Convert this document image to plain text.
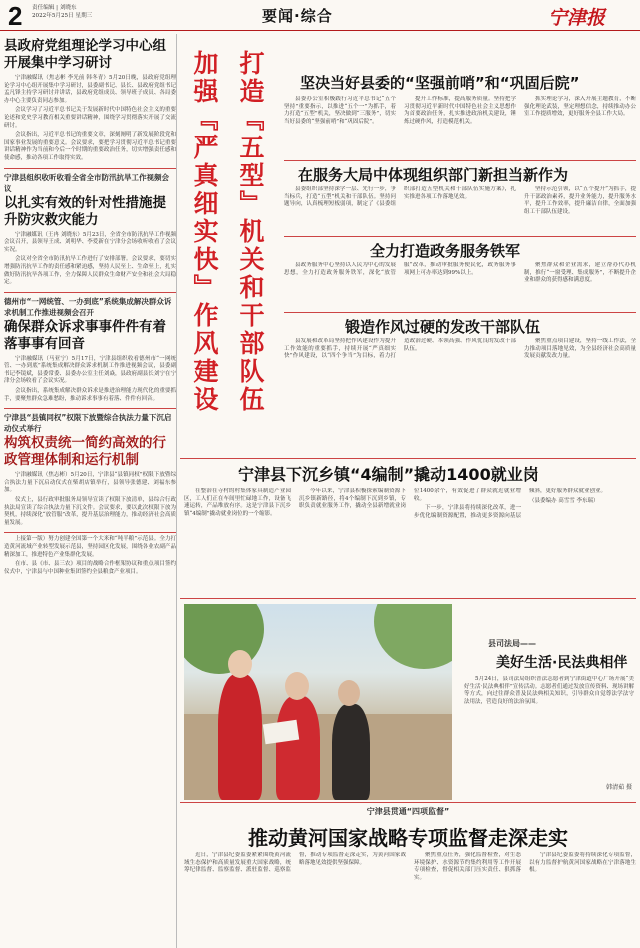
2 责任编辑 | 刘晓东
2022年5月25日 星期三	要闻·综合	宁津报
县政府党组理论学习中心组开展集中学习研讨

宁津融媒讯（焦志彬 李光前 韩冬青）5月20日晚，县政府党组理论学习中心组开展集中学习研讨，县委副书记、县长、县政府党组书记孟凡锋主持学习研讨并讲话，县政府党组成员、领导班子成员、各局委办中心主要负责同志参加。

会议学习了习近平总书记关于发展新时代中国特色社会主义的重要论述和党史学习教育相关重要讲话精神，围绕学习贯彻落实开展了交流研讨。

会议指出，习近平总书记的重要文章，深刻阐明了新发展阶段党和国家事业发展的重要意义。会议要求，要把学习贯彻习近平总书记重要讲话精神作为当前和今后一个时期的重要政治任务，切实增强责任感和使命感，推动各项工作取得实效。

宁津县组织收听收看全省全市防汛抗旱工作视频会议
以扎实有效的针对性措施提升防灾救灾能力

宁津融媒讯（王冉 刘晓东）5月23日，全省全市防汛抗旱工作视频会议召开，县领导王成、刘明华、李爱新在宁津分会场收听收看了会议实况。

会议对全省全市防汛抗旱工作进行了安排部署。会议要求，要切实增强防汛抗旱工作的责任感和紧迫感，坚持人民至上、生命至上，扎实做好防汛抗旱各项工作，全力保障人民群众生命财产安全和社会大局稳定。

德州市“一网统管、一办到底”系统集成解决群众诉求机制工作推进视频会召开
确保群众诉求事事件件有着落事事有回音

宁津融媒讯（马亚宁）5月17日，宁津县组织收看德州市“一网统管、一办到底”系统集成解决群众诉求机制工作推进视频会议，县委副书记李镜斌，县委常委、县委办公室主任刘焱，县政府副县长刘宁在宁津分会场收看了会议实况。

会议指出，系统集成解决群众诉求是推进治理能力现代化的重要抓手，要聚焦群众急难愁盼，推动诉求事事有着落、件件有回音。

宁津县“县镇同权”权限下放暨综合执法力量下沉启动仪式举行
构筑权责统一简约高效的行政管理体制和运行机制

宁津融媒讯（焦志彬）5月20日，宁津县“县镇同权”权限下放暨综合执法力量下沉启动仪式在柴胡店镇举行，县领导张德建、刘福东参加。

仪式上，县行政审批服务局领导宣读了权限下放清单，县综合行政执法局宣读了综合执法力量下沉文件。会议要求，要以此次权限下放为契机，持续深化“放管服”改革，提升基层治理能力，推动经济社会高质量发展。

上接第一版）努力创建全国第一个大米和“吨半粮”示范县。全力打造黄河流域产业转型发展示范县，坚持园区化发展，围绕各业农副产品精深加工，推进特色产业集群化发展。

在市、县《市、县三农》项目的战略合作框架协议和重点项目签约仪式中，宁津县与中国种业集团签约全县粮食产业项目。

打造『五型』机关和干部队伍
加强『严真细实快』作风建设	坚决当好县委的“坚强前哨”和“巩固后院”

县委办公室积极践行习近平总书记“五个坚持”重要指示，以推进“五个一”为抓手，着力打造“五型”机关，坚决做到“三服务”，切实当好县委的“坚强前哨”和“巩固后院”。

提升工作标准，提高服务质量。坚持把学习贯彻习近平新时代中国特色社会主义思想作为首要政治任务，扎实推进政治机关建设，锤炼过硬作风，打造模范机关。

抓实理论学习，深入开展主题教育，不断强化理论武装，坚定理想信念，持续推动办公室工作提质增效，更好服务全县工作大局。

在服务大局中体现组织部门新担当新作为

县委组织部坚持深学一层、先行一步，争当标兵，打造“五型”机关和干部队伍。坚持问题导向，认真梳理短板弱项，制定了《县委组织部打造五型机关和干部队伍实施方案》，扎实推进各项工作落地见效。

坚持示范引领，以“五个提升”为抓手，提升干部政治素养，提升业务能力，提升服务水平，提升工作效率，提升廉洁自律，全面加强组工干部队伍建设。

全力打造政务服务铁军

县政务服务中心坚持以人民为中心的发展思想，全力打造政务服务铁军，深化“放管服”改革，推动审批服务便民化，政务服务事项网上可办率达到99%以上。

聚焦群众和企业需求，建立帮办代办机制，推行“一窗受理、集成服务”，不断提升企业和群众的获得感和满意度。

锻造作风过硬的发改干部队伍

县发展和改革局坚持把作风建设作为提升工作效能的重要抓手，持续开展“严真细实快”作风建设，以“四个争当”为目标，着力打造政治过硬、本领高强、作风优良的发改干部队伍。

聚焦重点项目建设，坚持一线工作法，全力推动项目落地见效，为全县经济社会高质量发展贡献发改力量。

宁津县下沉乡镇“4编制”撬动1400就业岗

在整治在寺村的村集体家具制造产业园区，工人们正在车间里忙碌地工作，设备飞速运转，产品堆放有序。这是宁津县下沉乡镇“4编制”撬动就业岗位的一个缩影。

今年以来，宁津县积极探索编制资源下沉乡镇新路径，将4个编制下沉到乡镇，专职负责就业服务工作，撬动全县新增就业岗位1400余个，有效促进了群众就近就业增收。

下一步，宁津县将持续深化改革，进一步优化编制资源配置，推动更多资源向基层倾斜，更好服务群众就业创业。

（县委编办 高雪雪 李东瑞）

县司法局——
美好生活·民法典相伴
5月24日，县司法局组织普法志愿者到宁津街道中心广场开展“美好生活·民法典相伴”宣传活动。志愿者们通过发放宣传资料、现场讲解等方式，向过往群众普及民法典相关知识，引导群众自觉尊法学法守法用法，营造良好的法治氛围。
韩清茹 摄
宁津县贯通“四项监督”
推动黄河国家战略专项监督走深走实

近日，宁津县纪委监委紧紧围绕黄河流域生态保护和高质量发展重大国家战略，统筹纪律监督、监察监督、派驻监督、巡察监督，推动专项监督走深走实，为黄河国家战略落地见效提供坚强保障。

聚焦重点任务，强化监督检查，对生态环境保护、水资源节约集约利用等工作开展专项检查，督促相关部门压实责任、狠抓落实。

宁津县纪委监委将持续深化专项监督，以有力监督护航黄河国家战略在宁津落地生根。
